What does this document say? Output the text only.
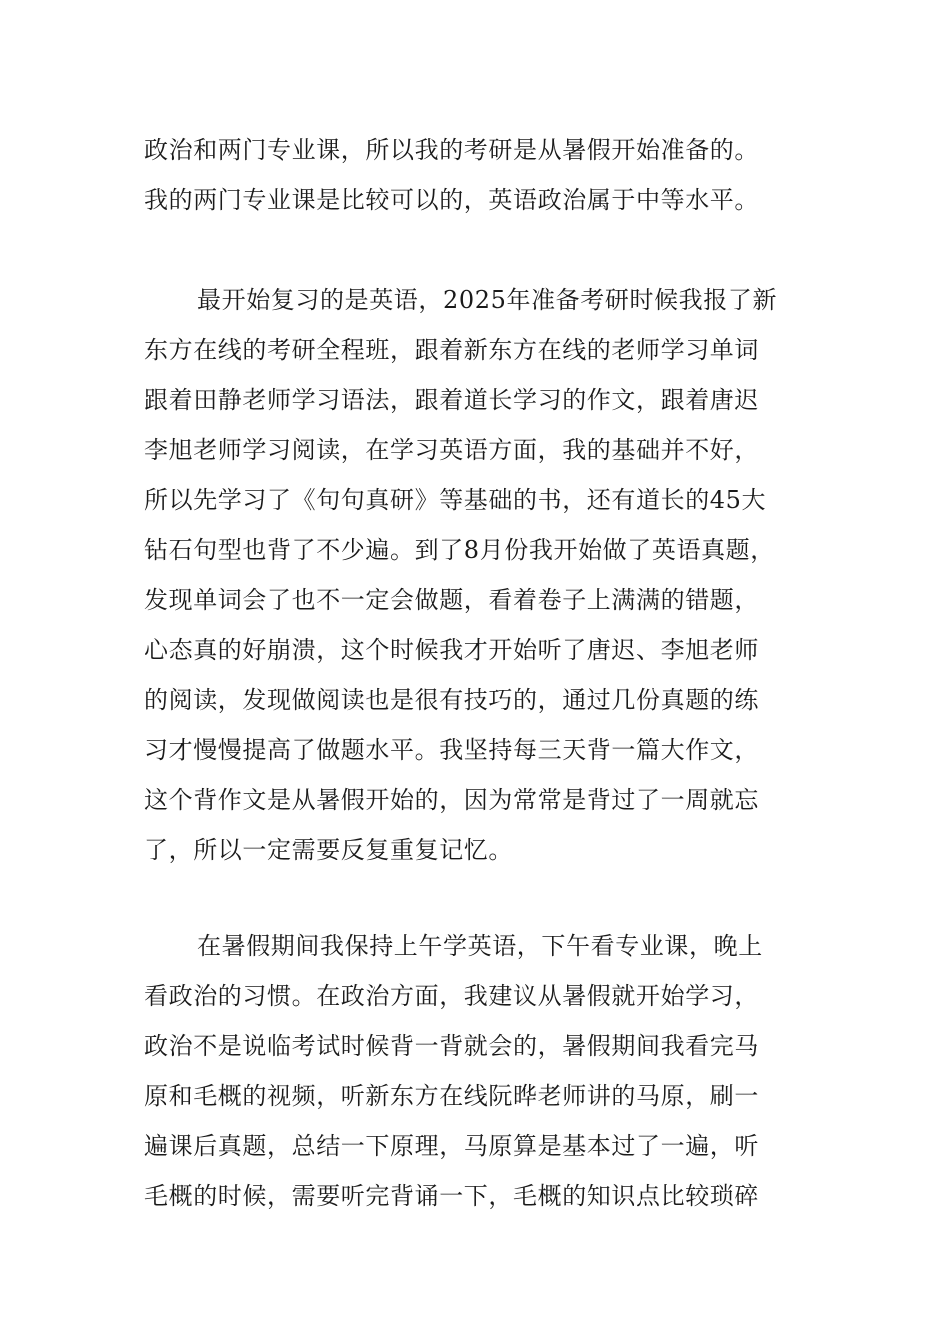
政治和两门专业课，所以我的考研是从暑假开始准备的。
我的两门专业课是比较可以的，英语政治属于中等水平。
最开始复习的是英语，2025年准备考研时候我报了新
东方在线的考研全程班，跟着新东方在线的老师学习单词
跟着田静老师学习语法，跟着道长学习的作文，跟着唐迟
李旭老师学习阅读，在学习英语方面，我的基础并不好，
所以先学习了《句句真研》等基础的书，还有道长的45大
钻石句型也背了不少遍。到了8月份我开始做了英语真题，
发现单词会了也不一定会做题，看着卷子上满满的错题，
心态真的好崩溃，这个时候我才开始听了唐迟、李旭老师
的阅读，发现做阅读也是很有技巧的，通过几份真题的练
习才慢慢提高了做题水平。我坚持每三天背一篇大作文，
这个背作文是从暑假开始的，因为常常是背过了一周就忘
了，所以一定需要反复重复记忆。
在暑假期间我保持上午学英语，下午看专业课，晚上
看政治的习惯。在政治方面，我建议从暑假就开始学习，
政治不是说临考试时候背一背就会的，暑假期间我看完马
原和毛概的视频，听新东方在线阮晔老师讲的马原，刷一
遍课后真题，总结一下原理，马原算是基本过了一遍，听
毛概的时候，需要听完背诵一下，毛概的知识点比较琐碎
